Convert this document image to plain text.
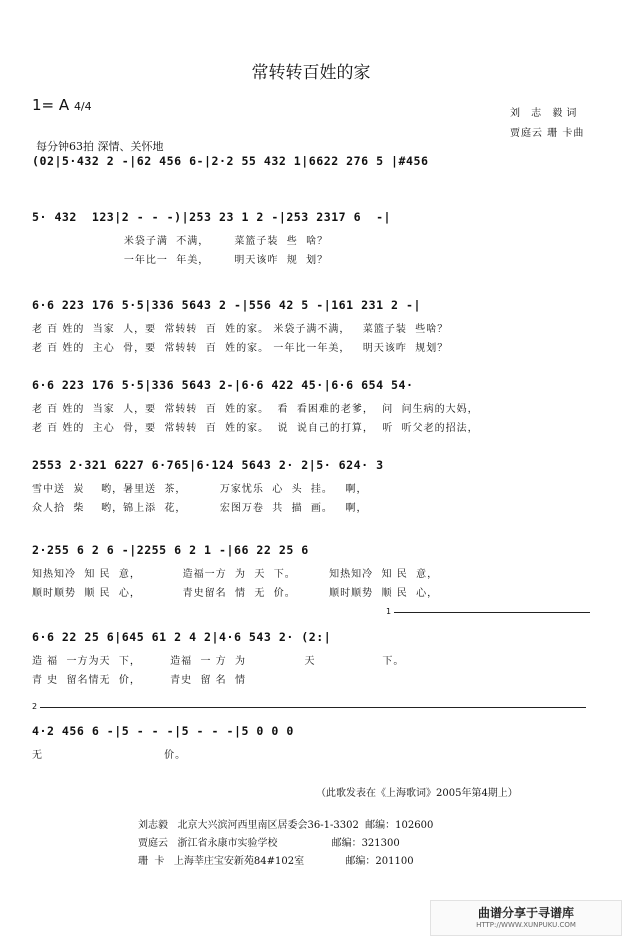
常转转百姓的家
1= A 4/4
刘 志 毅词
贾庭云 珊 卡曲
每分钟63拍 深情、关怀地
(02|5·432 2 -|62 456 6-|2·2 55 432 1|6622 276 5 |#456
5· 432  123|2 - - -)|253 23 1 2 -|253 2317 6  -|
米袋子满  不满，      菜篮子装  些  啥？
一年比一  年美，      明天该咋  规  划？
6·6 223 176 5·5|336 5643 2 -|556 42 5 -|161 231 2 -|
老 百 姓的  当家  人，要  常转转  百  姓的家。 米袋子满不满，   菜篮子装  些啥？
老 百 姓的  主心  骨，要  常转转  百  姓的家。 一年比一年美，   明天该咋  规划？
6·6 223 176 5·5|336 5643 2-|6·6 422 45·|6·6 654 54·
老 百 姓的  当家  人，要  常转转  百  姓的家。  看  看困难的老爹，  问  问生病的大妈，
老 百 姓的  主心  骨，要  常转转  百  姓的家。  说  说自己的打算，  听  听父老的招法，
2553 2·321 6227 6·765|6·124 5643 2· 2|5· 624· 3
雪中送  炭    哟，暑里送  茶，        万家忧乐  心  头  挂。   啊，
众人拾  柴    哟，锦上添  花，        宏图万卷  共  描  画。   啊，
2·255 6 2 6 -|2255 6 2 1 -|66 22 25 6
知热知冷  知 民  意，          造福一方  为  天  下。        知热知冷  知 民  意，
顺时顺势  顺 民  心，          青史留名  情  无  价。        顺时顺势  顺 民  心，
1
6·6 22 25 6|645 61 2 4 2|4·6 543 2· (2:|
造 福  一方为天  下，       造福  一 方  为              天                下。
青 史  留名情无  价，       青史  留 名  情
2
4·2 456 6 -|5 - - -|5 - - -|5 0 0 0
无                             价。
（此歌发表在《上海歌词》2005年第4期上）
刘志毅   北京大兴滨河西里南区居委会36-1-3302  邮编：102600
贾庭云   浙江省永康市实验学校                 邮编：321300
珊  卡   上海莘庄宝安新苑84#102室             邮编：201100
曲谱分享于寻谱库
HTTP://WWW.XUNPUKU.COM
